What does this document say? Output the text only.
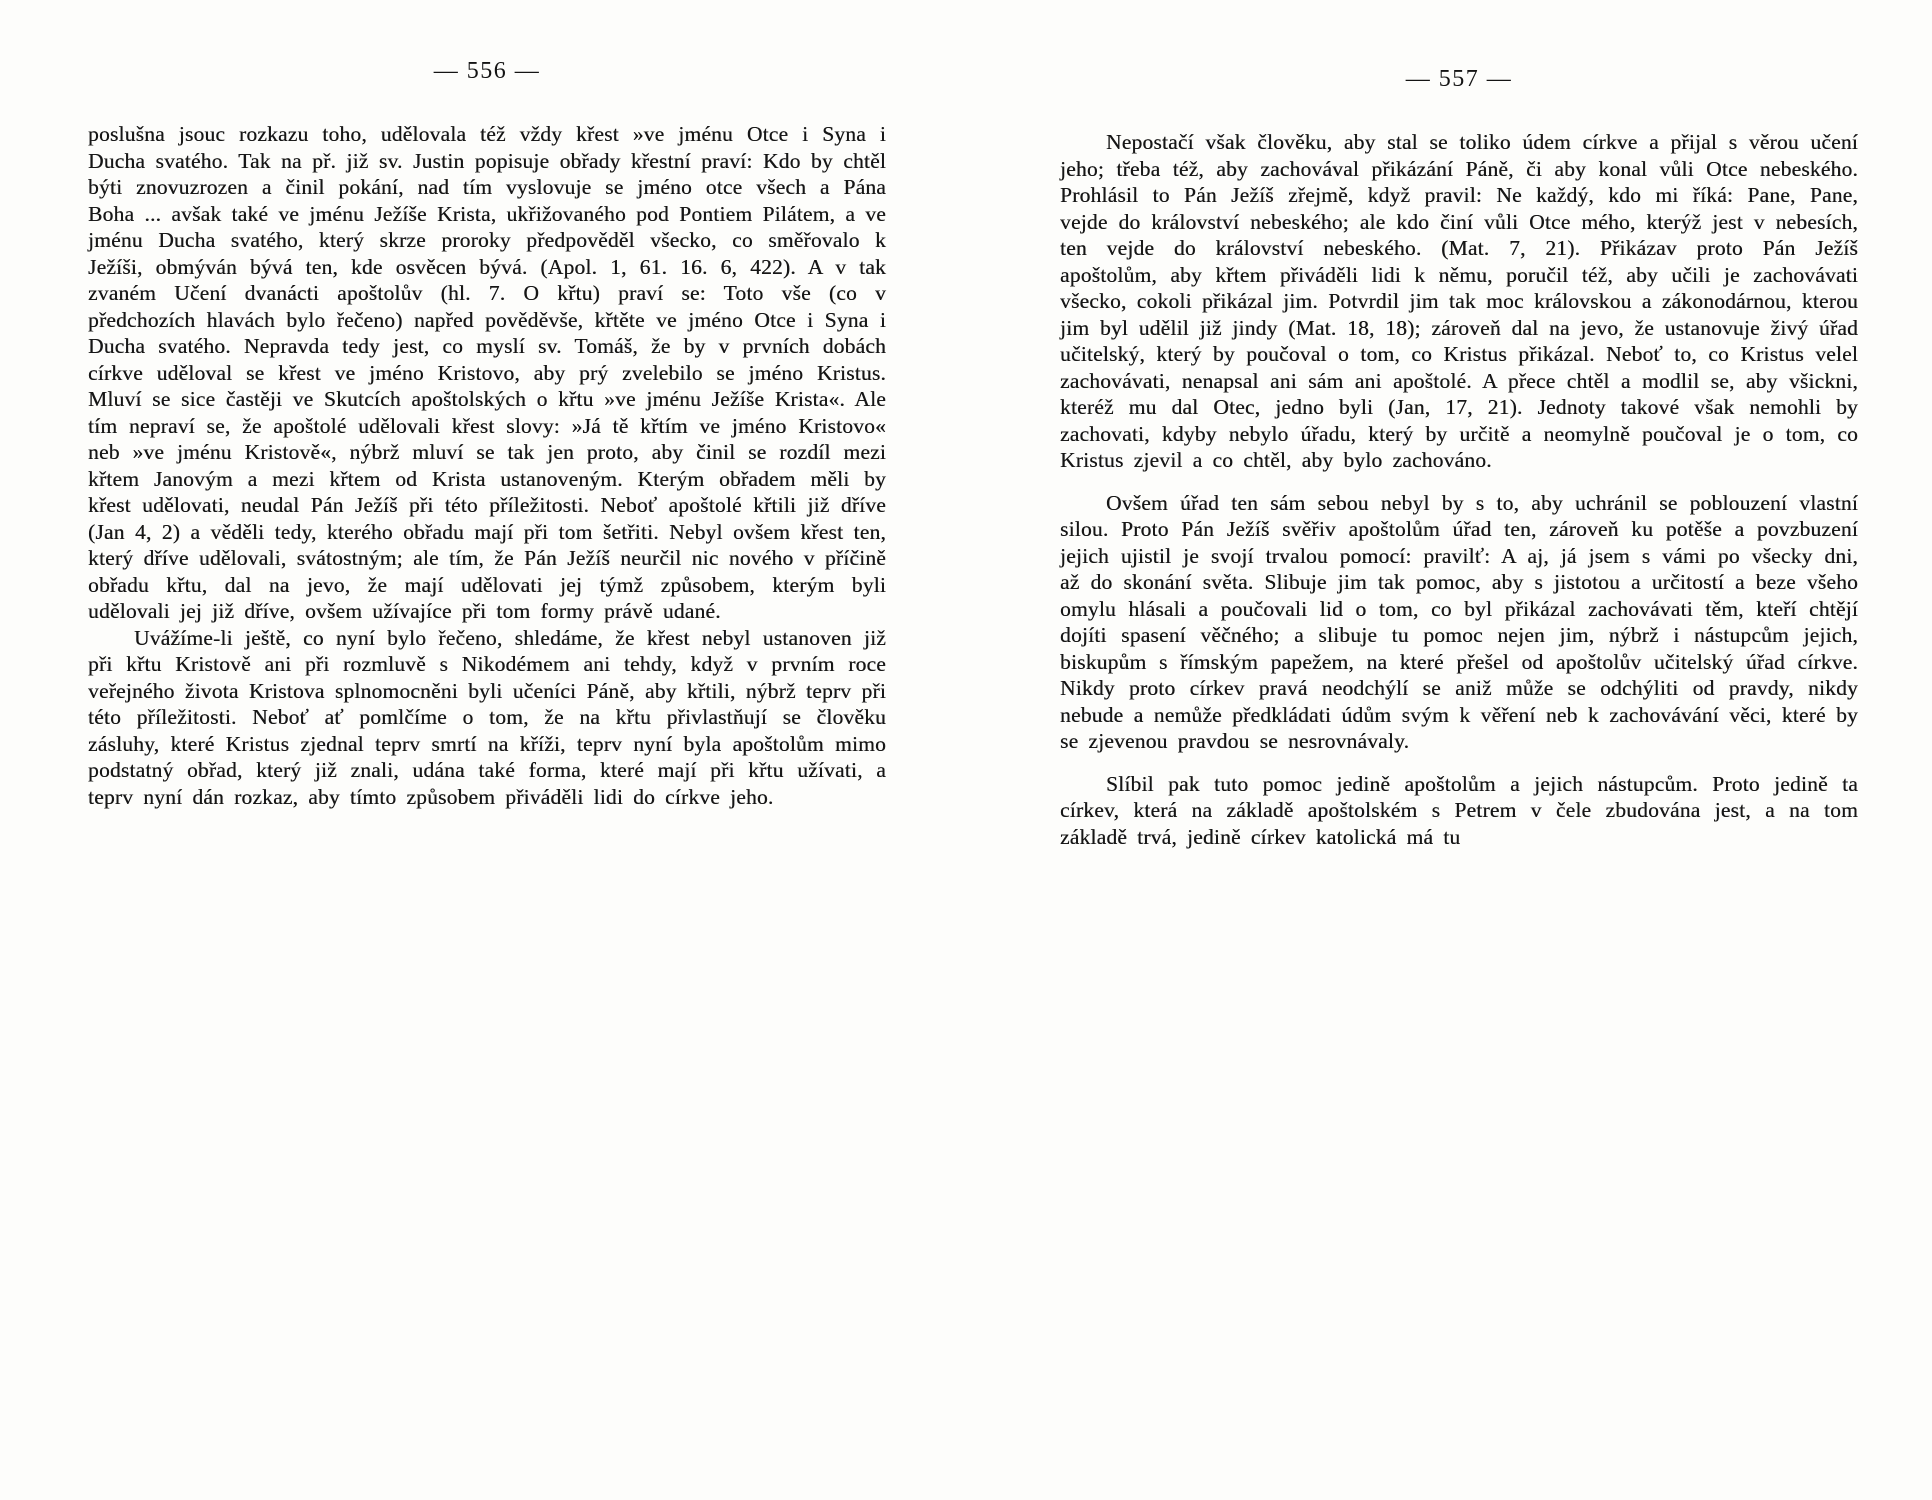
— 556 —

poslušna jsouc rozkazu toho, udělovala též vždy křest »ve jménu Otce i Syna i Ducha svatého. Tak na př. již sv. Justin popisuje obřady křestní praví: Kdo by chtěl býti znovuzrozen a činil pokání, nad tím vyslovuje se jméno otce všech a Pána Boha ... avšak také ve jménu Ježíše Krista, ukřižovaného pod Pontiem Pilátem, a ve jménu Ducha svatého, který skrze proroky předpověděl všecko, co směřovalo k Ježíši, obmýván bývá ten, kde osvěcen bývá. (Apol. 1, 61. 16. 6, 422). A v tak zvaném Učení dvanácti apoštolův (hl. 7. O křtu) praví se: Toto vše (co v předchozích hlavách bylo řečeno) napřed pověděvše, křtěte ve jméno Otce i Syna i Ducha svatého. Nepravda tedy jest, co myslí sv. Tomáš, že by v prvních dobách církve uděloval se křest ve jméno Kristovo, aby prý zvelebilo se jméno Kristus. Mluví se sice častěji ve Skutcích apoštolských o křtu »ve jménu Ježíše Krista«. Ale tím nepraví se, že apoštolé udělovali křest slovy: »Já tě křtím ve jméno Kristovo« neb »ve jménu Kristově«, nýbrž mluví se tak jen proto, aby činil se rozdíl mezi křtem Janovým a mezi křtem od Krista ustanoveným. Kterým obřadem měli by křest udělovati, neudal Pán Ježíš při této příležitosti. Neboť apoštolé křtili již dříve (Jan 4, 2) a věděli tedy, kterého obřadu mají při tom šetřiti. Nebyl ovšem křest ten, který dříve udělovali, svátostným; ale tím, že Pán Ježíš neurčil nic nového v příčině obřadu křtu, dal na jevo, že mají udělovati jej týmž způsobem, kterým byli udělovali jej již dříve, ovšem užívajíce při tom formy právě udané.

Uvážíme-li ještě, co nyní bylo řečeno, shledáme, že křest nebyl ustanoven již při křtu Kristově ani při rozmluvě s Nikodémem ani tehdy, když v prvním roce veřejného života Kristova splnomocněni byli učeníci Páně, aby křtili, nýbrž teprv při této příležitosti. Neboť ať pomlčíme o tom, že na křtu přivlastňují se člověku zásluhy, které Kristus zjednal teprv smrtí na kříži, teprv nyní byla apoštolům mimo podstatný obřad, který již znali, udána také forma, které mají při křtu užívati, a teprv nyní dán rozkaz, aby tímto způsobem přiváděli lidi do církve jeho.

— 557 —

Nepostačí však člověku, aby stal se toliko údem církve a přijal s věrou učení jeho; třeba též, aby zachovával přikázání Páně, či aby konal vůli Otce nebeského. Prohlásil to Pán Ježíš zřejmě, když pravil: Ne každý, kdo mi říká: Pane, Pane, vejde do království nebeského; ale kdo činí vůli Otce mého, kterýž jest v nebesích, ten vejde do království nebeského. (Mat. 7, 21). Přikázav proto Pán Ježíš apoštolům, aby křtem přiváděli lidi k němu, poručil též, aby učili je zachovávati všecko, cokoli přikázal jim. Potvrdil jim tak moc královskou a zákonodárnou, kterou jim byl udělil již jindy (Mat. 18, 18); zároveň dal na jevo, že ustanovuje živý úřad učitelský, který by poučoval o tom, co Kristus přikázal. Neboť to, co Kristus velel zachovávati, nenapsal ani sám ani apoštolé. A přece chtěl a modlil se, aby všickni, kteréž mu dal Otec, jedno byli (Jan, 17, 21). Jednoty takové však nemohli by zachovati, kdyby nebylo úřadu, který by určitě a neomylně poučoval je o tom, co Kristus zjevil a co chtěl, aby bylo zachováno.

Ovšem úřad ten sám sebou nebyl by s to, aby uchránil se poblouzení vlastní silou. Proto Pán Ježíš svěřiv apoštolům úřad ten, zároveň ku potěše a povzbuzení jejich ujistil je svojí trvalou pomocí: pravilť: A aj, já jsem s vámi po všecky dni, až do skonání světa. Slibuje jim tak pomoc, aby s jistotou a určitostí a beze všeho omylu hlásali a poučovali lid o tom, co byl přikázal zachovávati těm, kteří chtějí dojíti spasení věčného; a slibuje tu pomoc nejen jim, nýbrž i nástupcům jejich, biskupům s římským papežem, na které přešel od apoštolův učitelský úřad církve. Nikdy proto církev pravá neodchýlí se aniž může se odchýliti od pravdy, nikdy nebude a nemůže předkládati údům svým k věření neb k zachovávání věci, které by se zjevenou pravdou se nesrovnávaly.

Slíbil pak tuto pomoc jedině apoštolům a jejich nástupcům. Proto jedině ta církev, která na základě apoštolském s Petrem v čele zbudována jest, a na tom základě trvá, jedině církev katolická má tu
